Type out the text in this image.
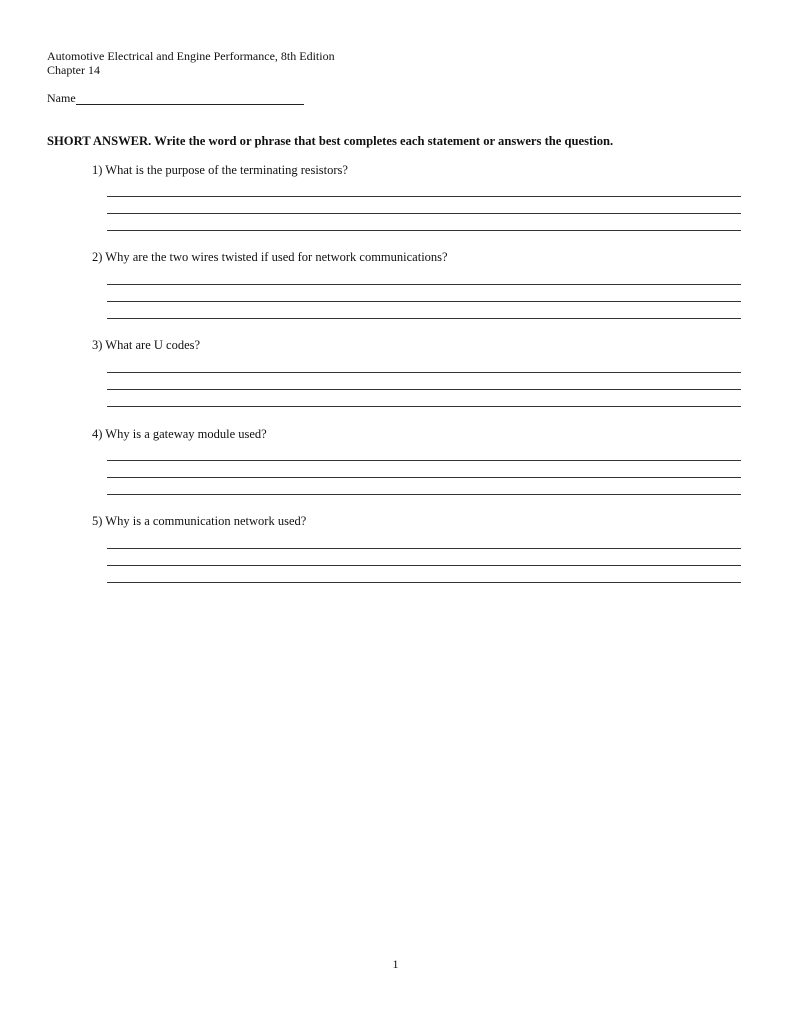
Automotive Electrical and Engine Performance, 8th Edition
Chapter 14
Name
SHORT ANSWER. Write the word or phrase that best completes each statement or answers the question.
1) What is the purpose of the terminating resistors?
2) Why are the two wires twisted if used for network communications?
3) What are U codes?
4) Why is a gateway module used?
5) Why is a communication network used?
1
